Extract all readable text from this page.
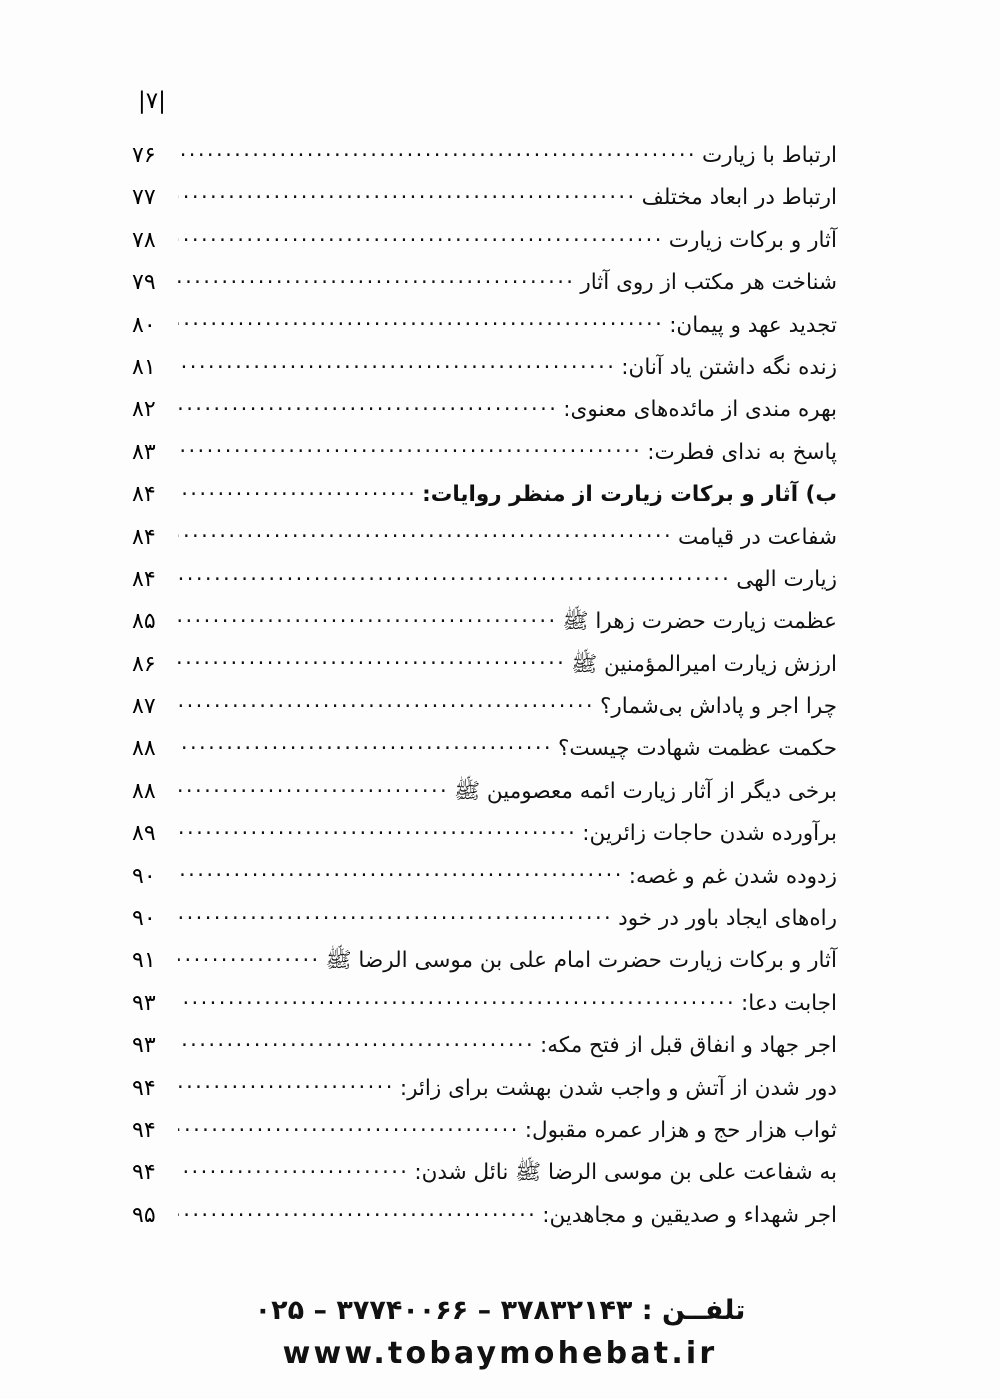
|۷|
ارتباط با زیارت
.....
۷۶
ارتباط در ابعاد مختلف
.....
۷۷
آثار و برکات زیارت
.....
۷۸
شناخت هر مکتب از روی آثار
.....
۷۹
تجدید عهد و پیمان:
.....
۸۰
زنده نگه داشتن یاد آنان:
.....
۸۱
بهره مندی از مائده‌های معنوی:
.....
۸۲
پاسخ به ندای فطرت:
.....
۸۳
ب) آثار و برکات زیارت از منظر روایات:
.....
۸۴
شفاعت در قیامت
.....
۸۴
زیارت الهی
.....
۸۴
عظمت زیارت حضرت زهرا ﷺ
.....
۸۵
ارزش زیارت امیرالمؤمنین ﷺ
.....
۸۶
چرا اجر و پاداش بی‌شمار؟
.....
۸۷
حکمت عظمت شهادت چیست؟
.....
۸۸
برخی دیگر از آثار زیارت ائمه معصومین ﷺ
.....
۸۸
برآورده شدن حاجات زائرین:
.....
۸۹
زدوده شدن غم و غصه:
.....
۹۰
راه‌های ایجاد باور در خود
.....
۹۰
آثار و برکات زیارت حضرت امام علی بن موسی الرضا ﷺ
.....
۹۱
اجابت دعا:
.....
۹۳
اجر جهاد و انفاق قبل از فتح مکه:
.....
۹۳
دور شدن از آتش و واجب شدن بهشت برای زائر:
.....
۹۴
ثواب هزار حج و هزار عمره مقبول:
.....
۹۴
به شفاعت علی بن موسی الرضا ﷺ نائل شدن:
.....
۹۴
اجر شهداء و صدیقین و مجاهدین:
.....
۹۵
تلفــن : ۳۷۸۳۲۱۴۳ – ۳۷۷۴۰۰۶۶ – ۰۲۵
www.tobaymohebat.ir
